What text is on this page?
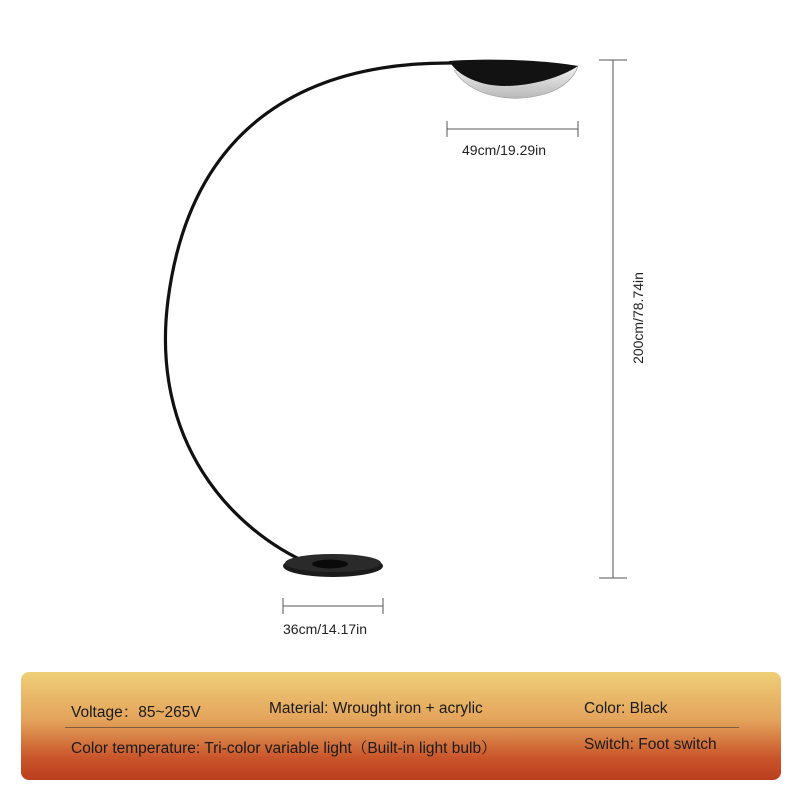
49cm/19.29in
200cm/78.74in
36cm/14.17in
Voltage：85~265V	Material: Wrought iron + acrylic	Color: Black
Color temperature: Tri-color variable light（Built-in light bulb）	Switch: Foot switch
